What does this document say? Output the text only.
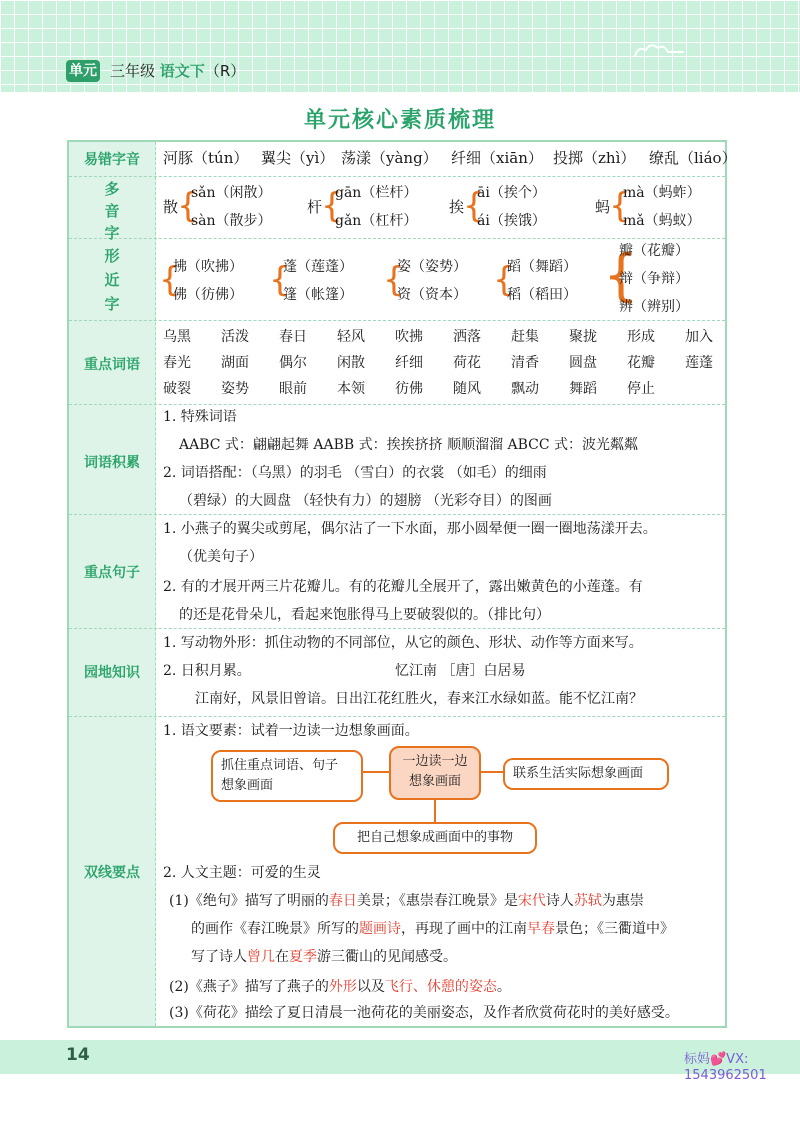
单元 三年级 语文下（R）
单元核心素质梳理
易错字音
多
音
字
形
近
字
重点词语
词语积累
重点句子
园地知识
双线要点
河豚（tún） 翼尖（yì） 荡漾（yàng） 纤细（xiān） 投掷（zhì） 缭乱（liáo）
散
{
sǎn（闲散）
sàn（散步）
杆
{
gān（栏杆）
gǎn（杠杆）
挨
{
āi（挨个）
ái（挨饿）
蚂
{
mà（蚂蚱）
mǎ（蚂蚁）
{
拂（吹拂）
佛（彷佛） {
蓬（莲蓬）
篷（帐篷） {
姿（姿势）
资（资本） {
蹈（舞蹈）
稻（稻田） {
瓣（花瓣）
辩（争辩）
辨（辨别）
乌黑 活泼 春日 轻风 吹拂 洒落 赶集 聚拢 形成 加入
春光 湖面 偶尔 闲散 纤细 荷花 清香 圆盘 花瓣 莲蓬
破裂 姿势 眼前 本领 彷佛 随风 飘动 舞蹈 停止
1. 特殊词语
AABC 式：翩翩起舞 AABB 式：挨挨挤挤 顺顺溜溜 ABCC 式：波光粼粼
2. 词语搭配：（乌黑）的羽毛 （雪白）的衣裳 （如毛）的细雨
（碧绿）的大圆盘 （轻快有力）的翅膀 （光彩夺目）的图画
1. 小燕子的翼尖或剪尾，偶尔沾了一下水面，那小圆晕便一圈一圈地荡漾开去。
（优美句子）
2. 有的才展开两三片花瓣儿。有的花瓣儿全展开了，露出嫩黄色的小莲蓬。有
的还是花骨朵儿，看起来饱胀得马上要破裂似的。（排比句）
1. 写动物外形：抓住动物的不同部位，从它的颜色、形状、动作等方面来写。
2. 日积月累。	忆江南 ［唐］白居易
江南好，风景旧曾谙。日出江花红胜火，春来江水绿如蓝。能不忆江南？
1. 语文要素：试着一边读一边想象画面。
抓住重点词语、句子
想象画面
一边读一边
想象画面
联系生活实际想象画面
把自己想象成画面中的事物
2. 人文主题：可爱的生灵
(1)《绝句》描写了明丽的春日美景；《惠崇春江晚景》是宋代诗人苏轼为惠崇
的画作《春江晚景》所写的题画诗，再现了画中的江南早春景色；《三衢道中》
写了诗人曾几在夏季游三衢山的见闻感受。
(2)《燕子》描写了燕子的外形以及飞行、休憩的姿态。
(3)《荷花》描绘了夏日清晨一池荷花的美丽姿态，及作者欣赏荷花时的美好感受。
14	标妈💕VX:
1543962501
